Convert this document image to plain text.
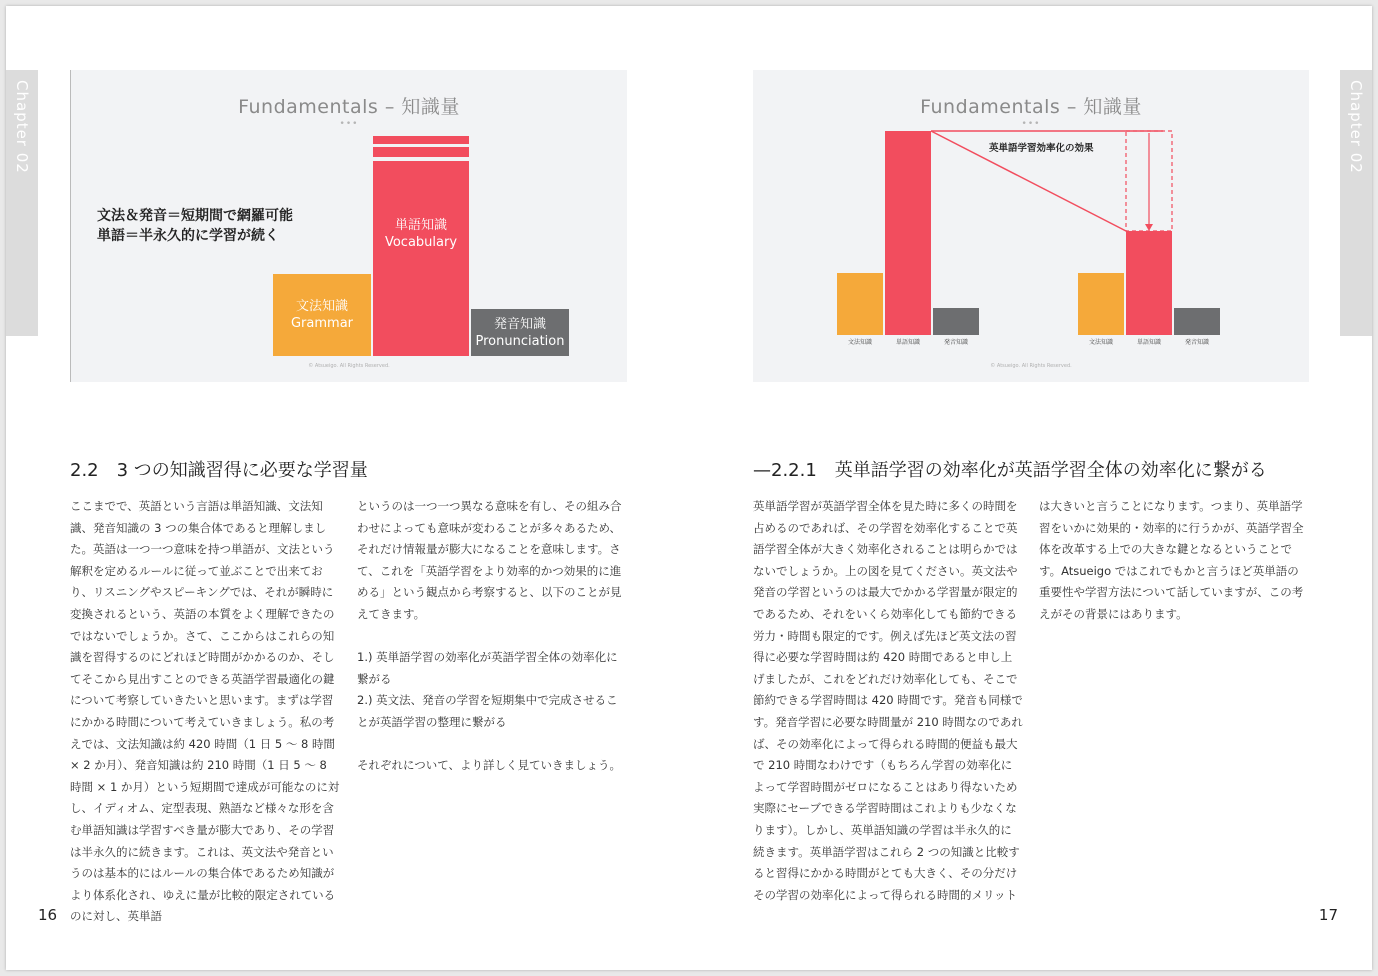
Chapter 02	Fundamentals – 知識量
•••
文法＆発音＝短期間で網羅可能
単語＝半永久的に学習が続く
文法知識
Grammar
単語知識
Vocabulary
発音知識
Pronunciation
© Atsueigo. All Rights Reserved.
2.2　3 つの知識習得に必要な学習量

ここまでで、英語という言語は単語知識、文法知識、発音知識の 3 つの集合体であると理解しました。英語は一つ一つ意味を持つ単語が、文法という解釈を定めるルールに従って並ぶことで出来ており、リスニングやスピーキングでは、それが瞬時に変換されるという、英語の本質をよく理解できたのではないでしょうか。さて、ここからはこれらの知識を習得するのにどれほど時間がかかるのか、そしてそこから見出すことのできる英語学習最適化の鍵について考察していきたいと思います。まずは学習にかかる時間について考えていきましょう。私の考えでは、文法知識は約 420 時間（1 日 5 ～ 8 時間 × 2 か月）、発音知識は約 210 時間（1 日 5 ～ 8 時間 × 1 か月）という短期間で達成が可能なのに対し、イディオム、定型表現、熟語など様々な形を含む単語知識は学習すべき量が膨大であり、その学習は半永久的に続きます。これは、英文法や発音というのは基本的にはルールの集合体であるため知識がより体系化され、ゆえに量が比較的限定されているのに対し、英単語

というのは一つ一つ異なる意味を有し、その組み合わせによっても意味が変わることが多々あるため、それだけ情報量が膨大になることを意味します。さて、これを「英語学習をより効率的かつ効果的に進める」という観点から考察すると、以下のことが見えてきます。

1.) 英単語学習の効率化が英語学習全体の効率化に繋がる

2.) 英文法、発音の学習を短期集中で完成させることが英語学習の整理に繋がる

それぞれについて、より詳しく見ていきましょう。

16
Chapter 02
Fundamentals – 知識量
•••
英単語学習効率化の効果
文法知識	単語知識	発音知識	文法知識	単語知識	発音知識
© Atsueigo. All Rights Reserved.
—2.2.1　英単語学習の効率化が英語学習全体の効率化に繋がる

英単語学習が英語学習全体を見た時に多くの時間を占めるのであれば、その学習を効率化することで英語学習全体が大きく効率化されることは明らかではないでしょうか。上の図を見てください。英文法や発音の学習というのは最大でかかる学習量が限定的であるため、それをいくら効率化しても節約できる労力・時間も限定的です。例えば先ほど英文法の習得に必要な学習時間は約 420 時間であると申し上げましたが、これをどれだけ効率化しても、そこで節約できる学習時間は 420 時間です。発音も同様です。発音学習に必要な時間量が 210 時間なのであれば、その効率化によって得られる時間的便益も最大で 210 時間なわけです（もちろん学習の効率化によって学習時間がゼロになることはあり得ないため実際にセーブできる学習時間はこれよりも少なくなります）。しかし、英単語知識の学習は半永久的に続きます。英単語学習はこれら 2 つの知識と比較すると習得にかかる時間がとても大きく、その分だけその学習の効率化によって得られる時間的メリット

は大きいと言うことになります。つまり、英単語学習をいかに効果的・効率的に行うかが、英語学習全体を改革する上での大きな鍵となるということです。Atsueigo ではこれでもかと言うほど英単語の重要性や学習方法について話していますが、この考えがその背景にはあります。

17
